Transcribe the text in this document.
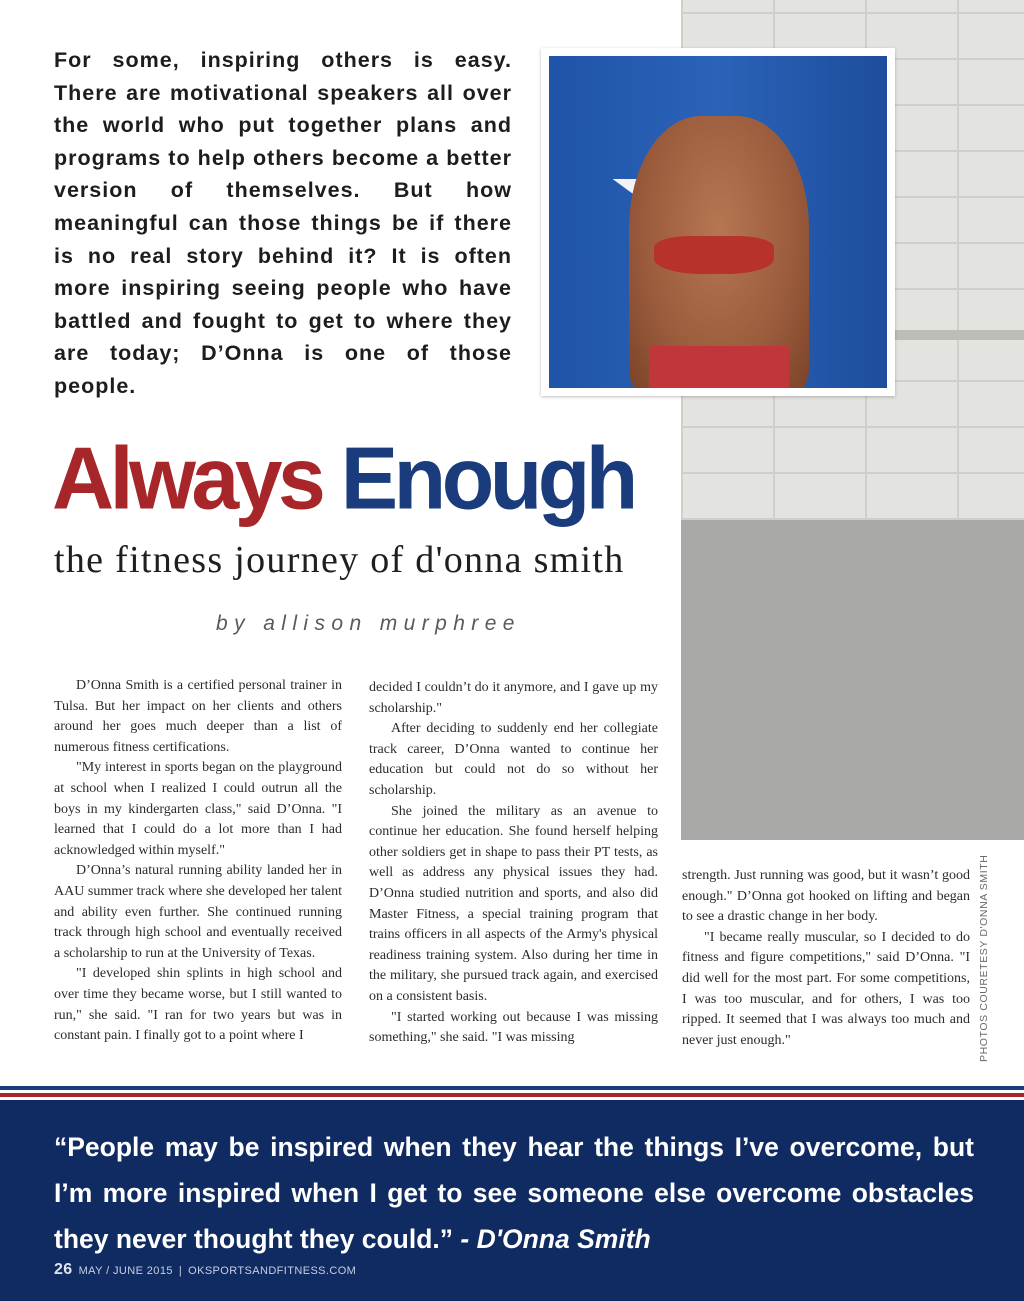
For some, inspiring others is easy. There are motivational speakers all over the world who put together plans and programs to help others become a better version of themselves. But how meaningful can those things be if there is no real story behind it? It is often more inspiring seeing people who have battled and fought to get to where they are today; D’Onna is one of those people.
Always Enough
the fitness journey of d'onna smith
by allison murphree

D’Onna Smith is a certified personal trainer in Tulsa. But her impact on her clients and others around her goes much deeper than a list of numerous fitness certifications.

"My interest in sports began on the playground at school when I realized I could outrun all the boys in my kindergarten class," said D’Onna. "I learned that I could do a lot more than I had acknowledged within myself."

D’Onna’s natural running ability landed her in AAU summer track where she developed her talent and ability even further. She continued running track through high school and eventually received a scholarship to run at the University of Texas.

"I developed shin splints in high school and over time they became worse, but I still wanted to run," she said. "I ran for two years but was in constant pain. I finally got to a point where I

decided I couldn’t do it anymore, and I gave up my scholarship."

After deciding to suddenly end her collegiate track career, D’Onna wanted to continue her education but could not do so without her scholarship.

She joined the military as an avenue to continue her education. She found herself helping other soldiers get in shape to pass their PT tests, as well as address any physical issues they had. D’Onna studied nutrition and sports, and also did Master Fitness, a special training program that trains officers in all aspects of the Army's physical readiness training system. Also during her time in the military, she pursued track again, and exercised on a consistent basis.

"I started working out because I was missing something," she said. "I was missing

strength. Just running was good, but it wasn’t good enough." D’Onna got hooked on lifting and began to see a drastic change in her body.

"I became really muscular, so I decided to do fitness and figure competitions," said D’Onna. "I did well for the most part. For some competitions, I was too muscular, and for others, I was too ripped. It seemed that I was always too much and never just enough."	PHOTOS COURETESY D'ONNA SMITH
“People may be inspired when they hear the things I’ve overcome, but I’m more inspired when I get to see someone else overcome obstacles they never thought they could.” - D'Onna Smith
26 MAY / JUNE 2015 | OKSPORTSANDFITNESS.COM
